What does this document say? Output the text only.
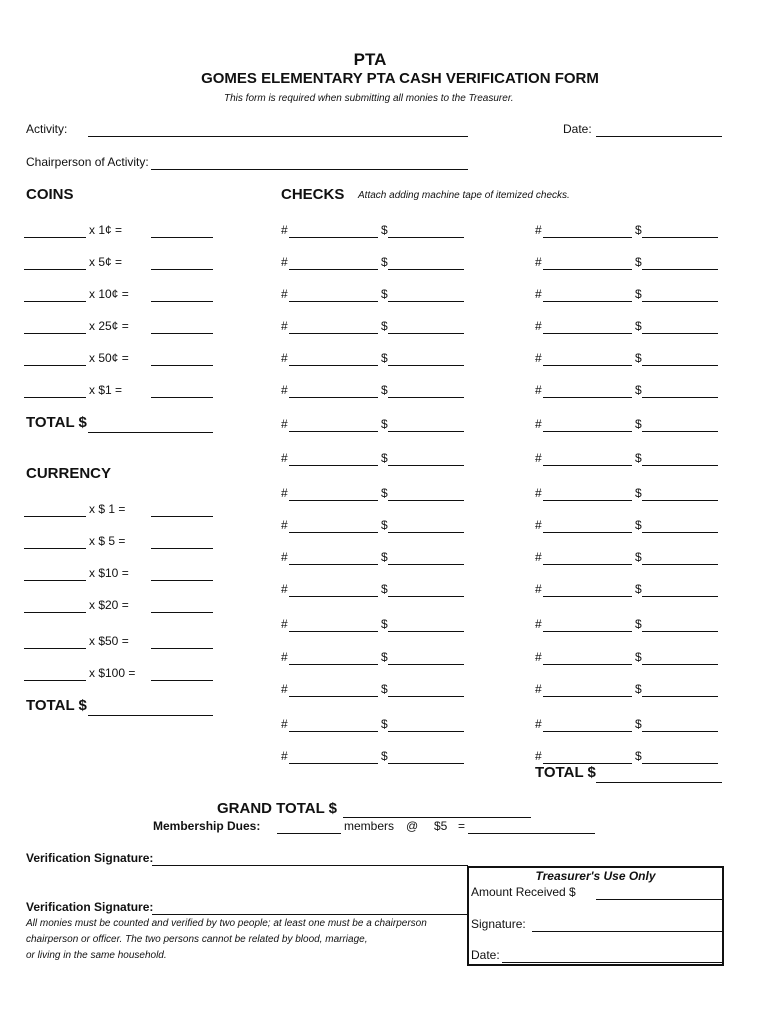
PTA
GOMES ELEMENTARY PTA CASH VERIFICATION FORM
This form is required when submitting all monies to the Treasurer.
Activity:	Date:
Chairperson of Activity:
COINS	CHECKS Attach adding machine tape of itemized checks.
x 1¢ =
x 5¢ =
x 10¢ =
x 25¢ =
x 50¢ =
x $1 =
TOTAL $
CURRENCY
x $ 1 =
x $ 5 =
x $10 =
x $20 =
x $50 =
x $100 =
TOTAL $
#	$
#	$
#	$
#	$
#	$
#	$
#	$
#	$
#	$
#	$
#	$
#	$
#	$
#	$
#	$
#	$
#	$
#	$
#	$
#	$
#	$
#	$
#	$
#	$
#	$
#	$
#	$
#	$
#	$
#	$
#	$
#	$
#	$
#	$
TOTAL $
GRAND TOTAL $
Membership Dues:	members @ $5 =
Verification Signature:
Verification Signature:
All monies must be counted and verified by two people; at least one must be a chairperson
chairperson or officer. The two persons cannot be related by blood, marriage,
or living in the same household.
Treasurer's Use Only
Amount Received $
Signature:
Date:
